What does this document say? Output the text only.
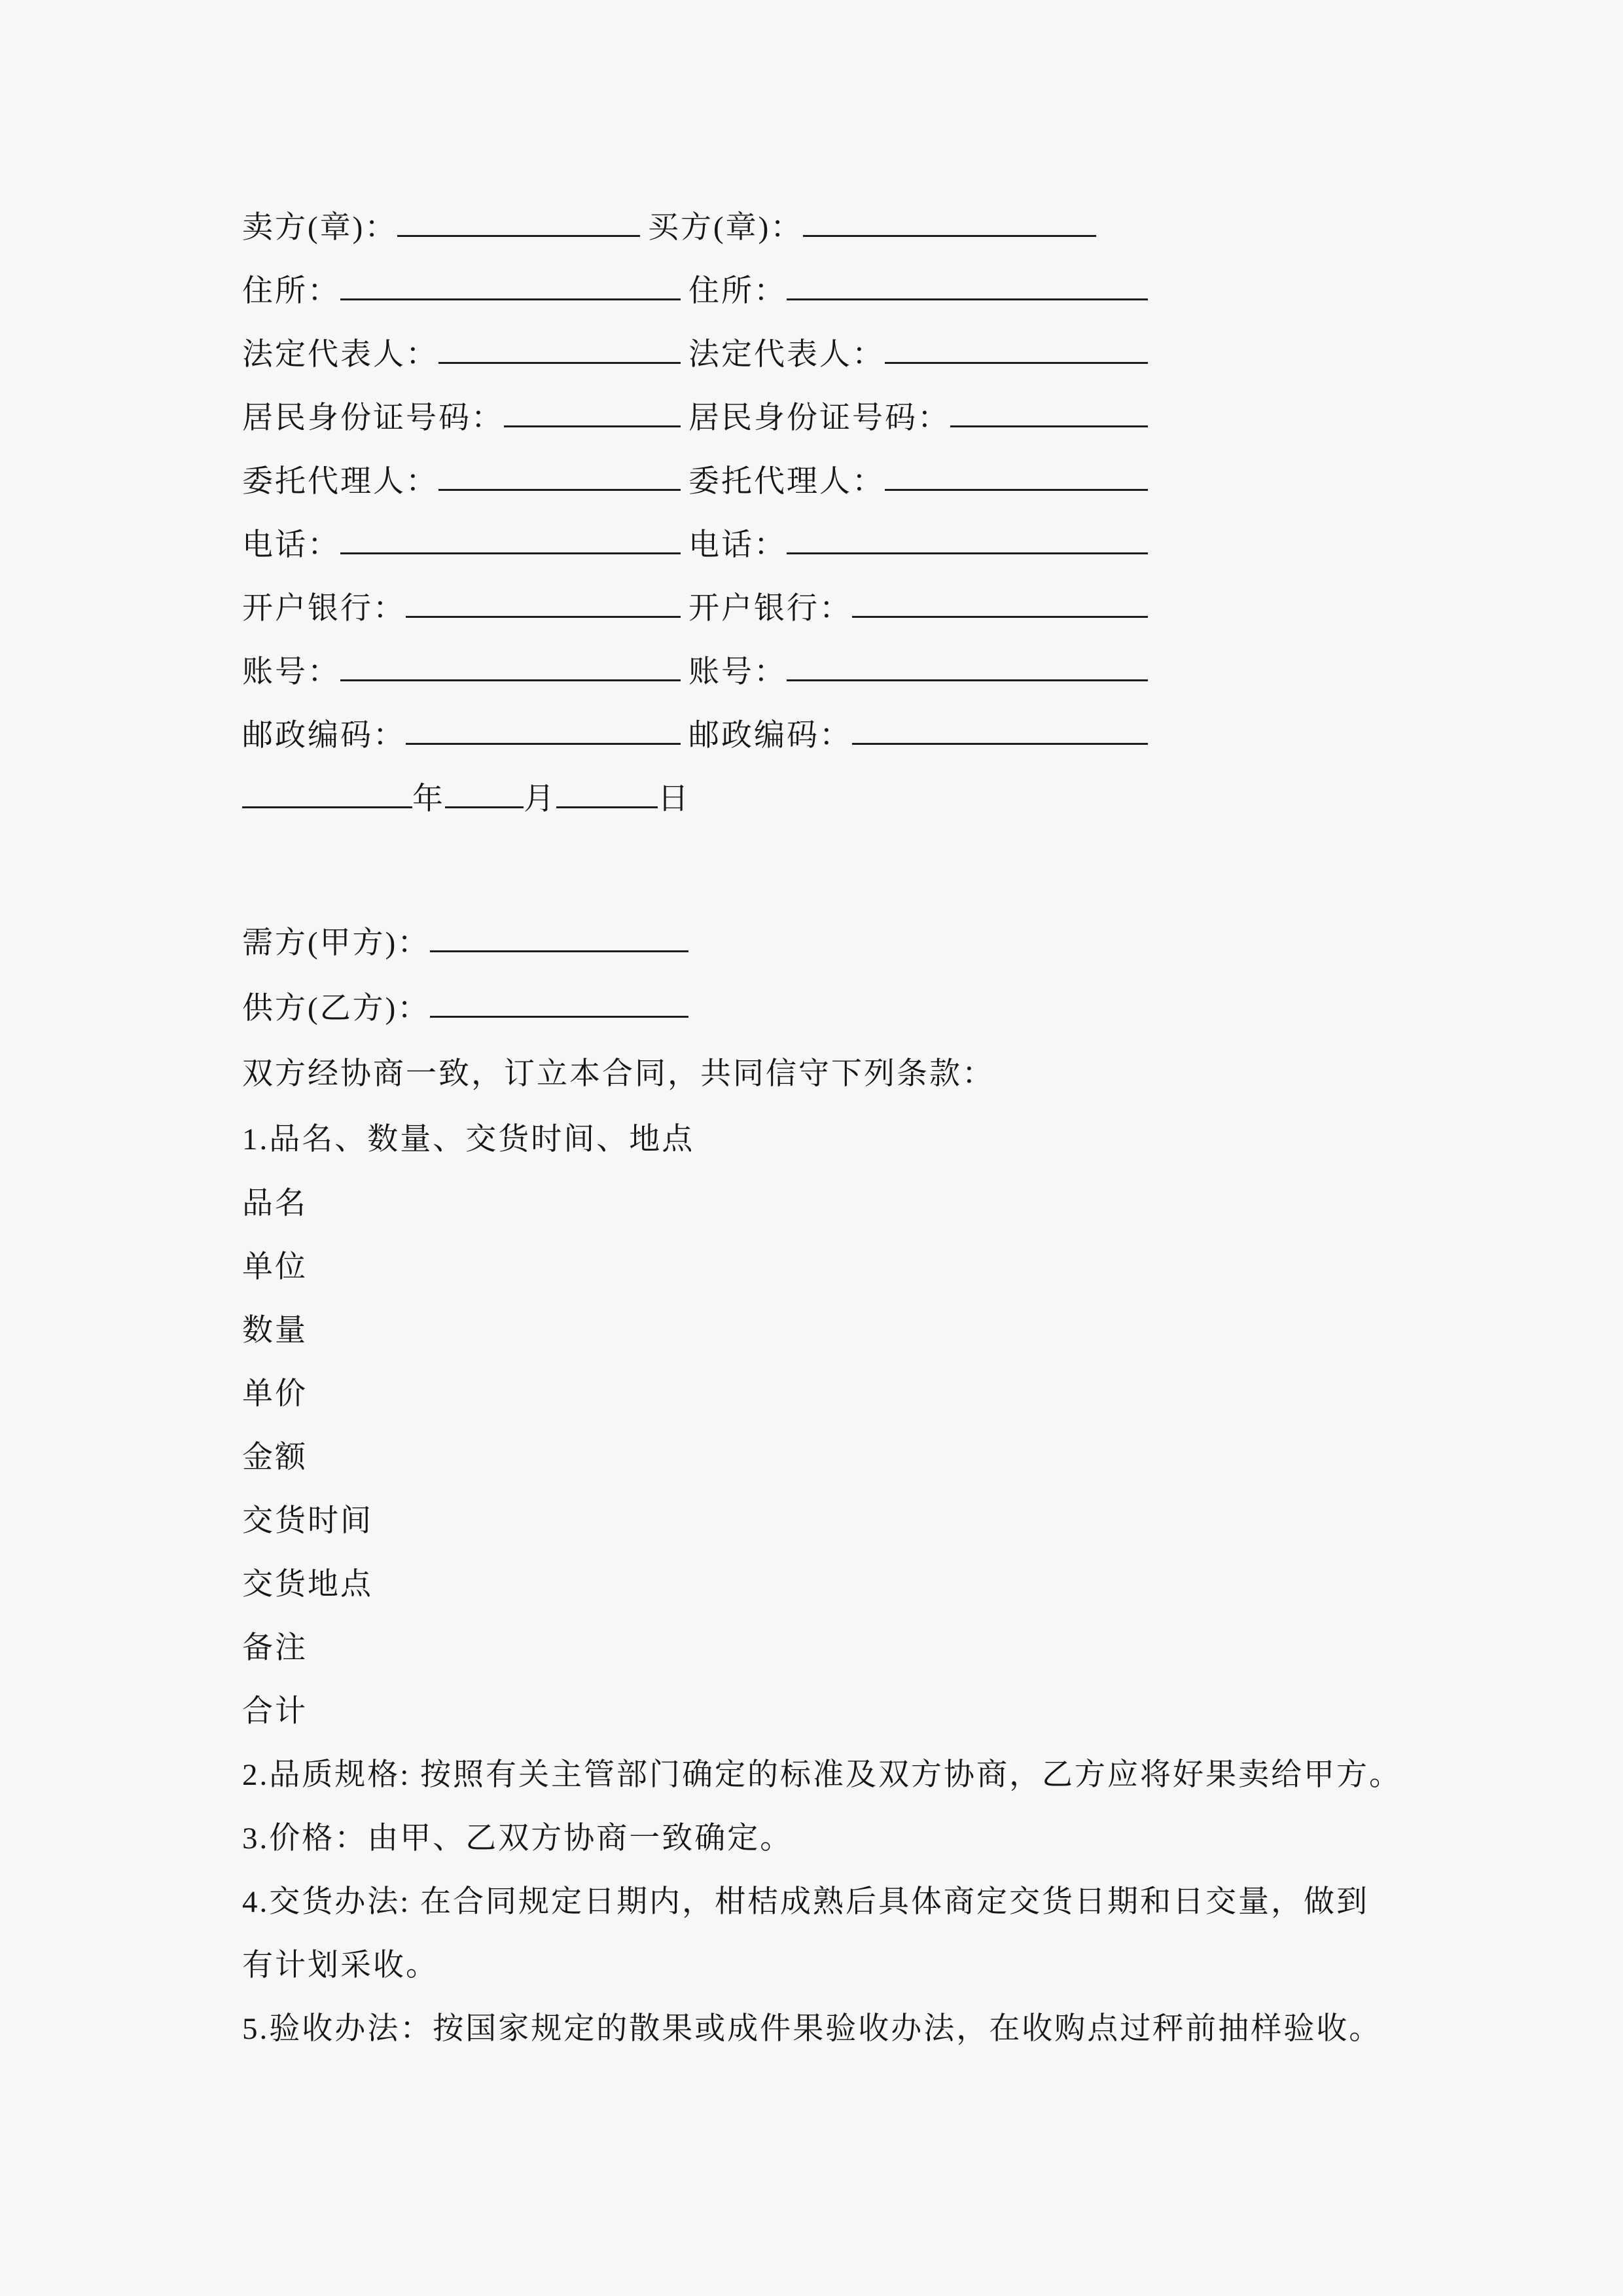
卖方(章)：	买方(章)：
住所：	住所：
法定代表人：	法定代表人：
居民身份证号码：	居民身份证号码：
委托代理人：	委托代理人：
电话：	电话：
开户银行：	开户银行：
账号：	账号：
邮政编码：	邮政编码：
年	月	日
需方(甲方)：
供方(乙方)：
双方经协商一致，订立本合同，共同信守下列条款：
1.品名、数量、交货时间、地点
品名
单位
数量
单价
金额
交货时间
交货地点
备注
合计
2.品质规格: 按照有关主管部门确定的标准及双方协商，乙方应将好果卖给甲方。
3.价格：由甲、乙双方协商一致确定。
4.交货办法: 在合同规定日期内，柑桔成熟后具体商定交货日期和日交量，做到
有计划采收。
5.验收办法：按国家规定的散果或成件果验收办法，在收购点过秤前抽样验收。
